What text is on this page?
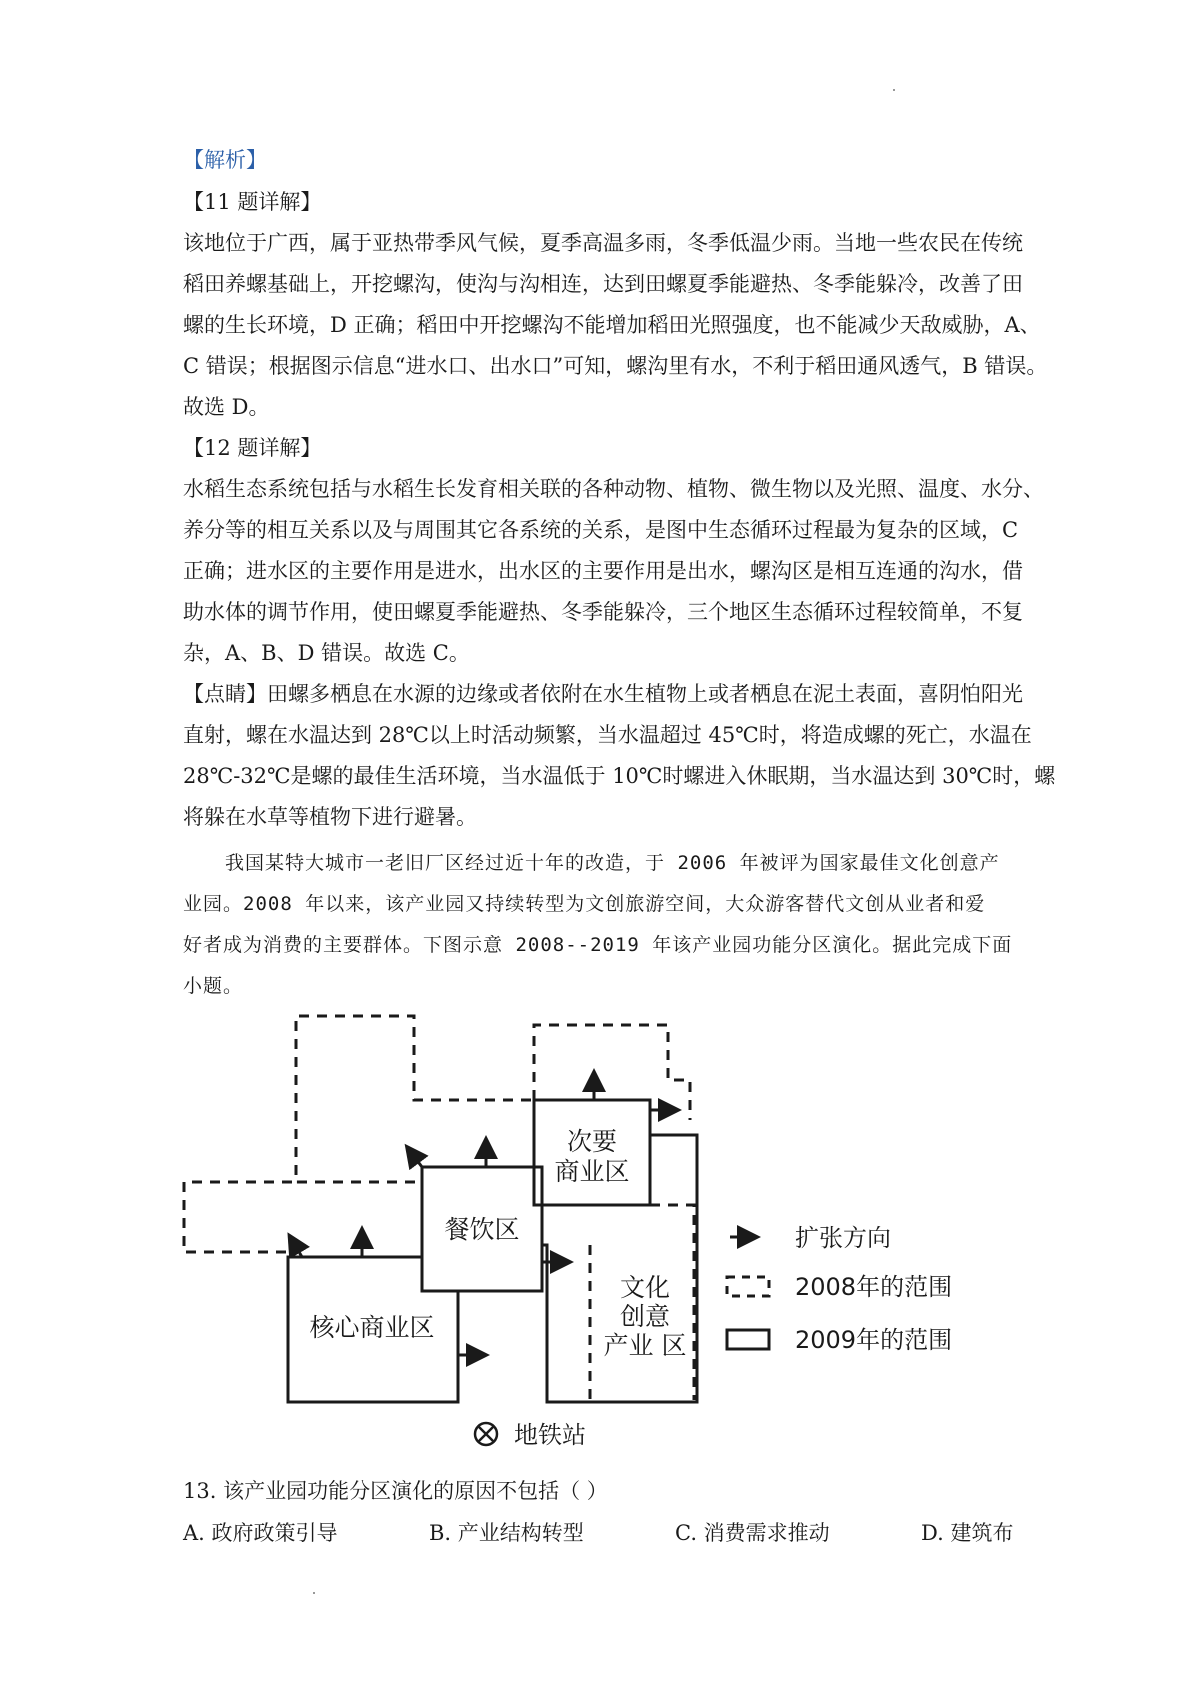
【解析】
【11 题详解】
该地位于广西，属于亚热带季风气候，夏季高温多雨，冬季低温少雨。当地一些农民在传统
稻田养螺基础上，开挖螺沟，使沟与沟相连，达到田螺夏季能避热、冬季能躲冷，改善了田
螺的生长环境，D 正确；稻田中开挖螺沟不能增加稻田光照强度，也不能减少天敌威胁，A、
C 错误；根据图示信息“进水口、出水口”可知，螺沟里有水，不利于稻田通风透气，B 错误。
故选 D。
【12 题详解】
水稻生态系统包括与水稻生长发育相关联的各种动物、植物、微生物以及光照、温度、水分、
养分等的相互关系以及与周围其它各系统的关系，是图中生态循环过程最为复杂的区域，C
正确；进水区的主要作用是进水，出水区的主要作用是出水，螺沟区是相互连通的沟水，借
助水体的调节作用，使田螺夏季能避热、冬季能躲冷，三个地区生态循环过程较简单，不复
杂，A、B、D 错误。故选 C。
【点睛】田螺多栖息在水源的边缘或者依附在水生植物上或者栖息在泥土表面，喜阴怕阳光
直射，螺在水温达到 28℃以上时活动频繁，当水温超过 45℃时，将造成螺的死亡，水温在
28℃-32℃是螺的最佳生活环境，当水温低于 10℃时螺进入休眠期，当水温达到 30℃时，螺
将躲在水草等植物下进行避暑。
我国某特大城市一老旧厂区经过近十年的改造，于 2006 年被评为国家最佳文化创意产
业园。2008 年以来，该产业园又持续转型为文创旅游空间，大众游客替代文创从业者和爱
好者成为消费的主要群体。下图示意 2008--2019 年该产业园功能分区演化。据此完成下面
小题。
餐饮区
次要
商业区
核心商业区
文化
创意
产业 区
扩张方向
2008年的范围
2009年的范围
地铁站
13. 该产业园功能分区演化的原因不包括（ ）
A. 政府政策引导	B. 产业结构转型	C. 消费需求推动	D. 建筑布
